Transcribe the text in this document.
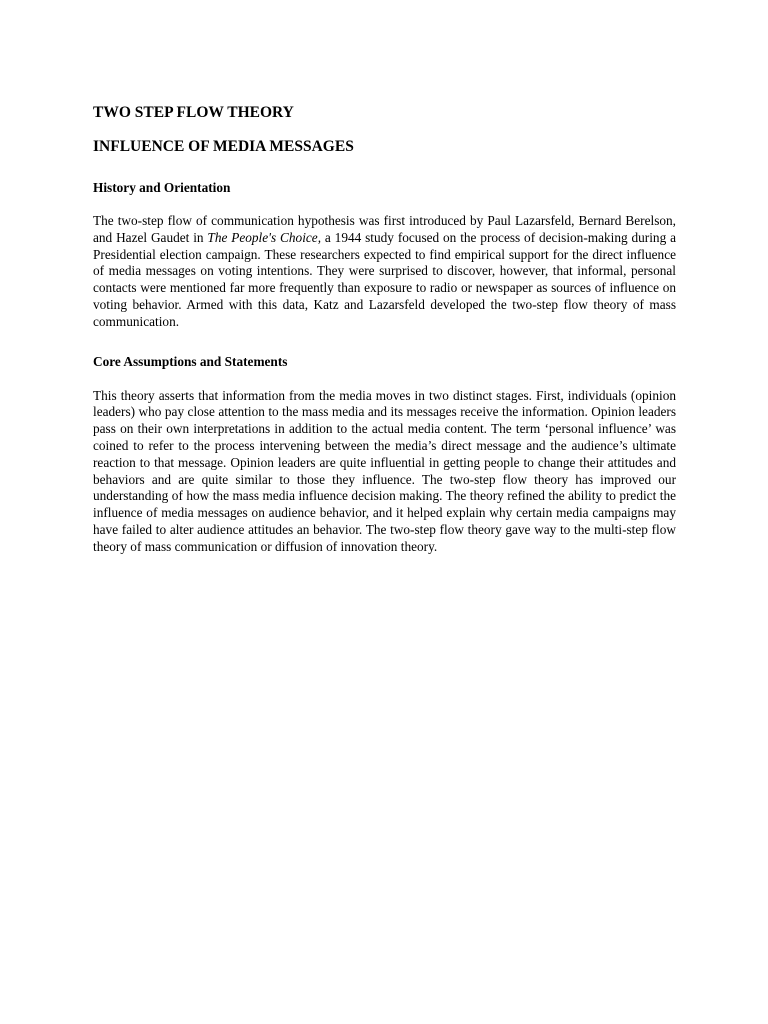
TWO STEP FLOW THEORY
INFLUENCE OF MEDIA MESSAGES
History and Orientation

The two-step flow of communication hypothesis was first introduced by Paul Lazarsfeld, Bernard Berelson, and Hazel Gaudet in The People's Choice, a 1944 study focused on the process of decision-making during a Presidential election campaign. These researchers expected to find empirical support for the direct influence of media messages on voting intentions. They were surprised to discover, however, that informal, personal contacts were mentioned far more frequently than exposure to radio or newspaper as sources of influence on voting behavior. Armed with this data, Katz and Lazarsfeld developed the two-step flow theory of mass communication.

Core Assumptions and Statements

This theory asserts that information from the media moves in two distinct stages. First, individuals (opinion leaders) who pay close attention to the mass media and its messages receive the information. Opinion leaders pass on their own interpretations in addition to the actual media content. The term ‘personal influence’ was coined to refer to the process intervening between the media’s direct message and the audience’s ultimate reaction to that message. Opinion leaders are quite influential in getting people to change their attitudes and behaviors and are quite similar to those they influence. The two-step flow theory has improved our understanding of how the mass media influence decision making. The theory refined the ability to predict the influence of media messages on audience behavior, and it helped explain why certain media campaigns may have failed to alter audience attitudes an behavior. The two-step flow theory gave way to the multi-step flow theory of mass communication or diffusion of innovation theory.
